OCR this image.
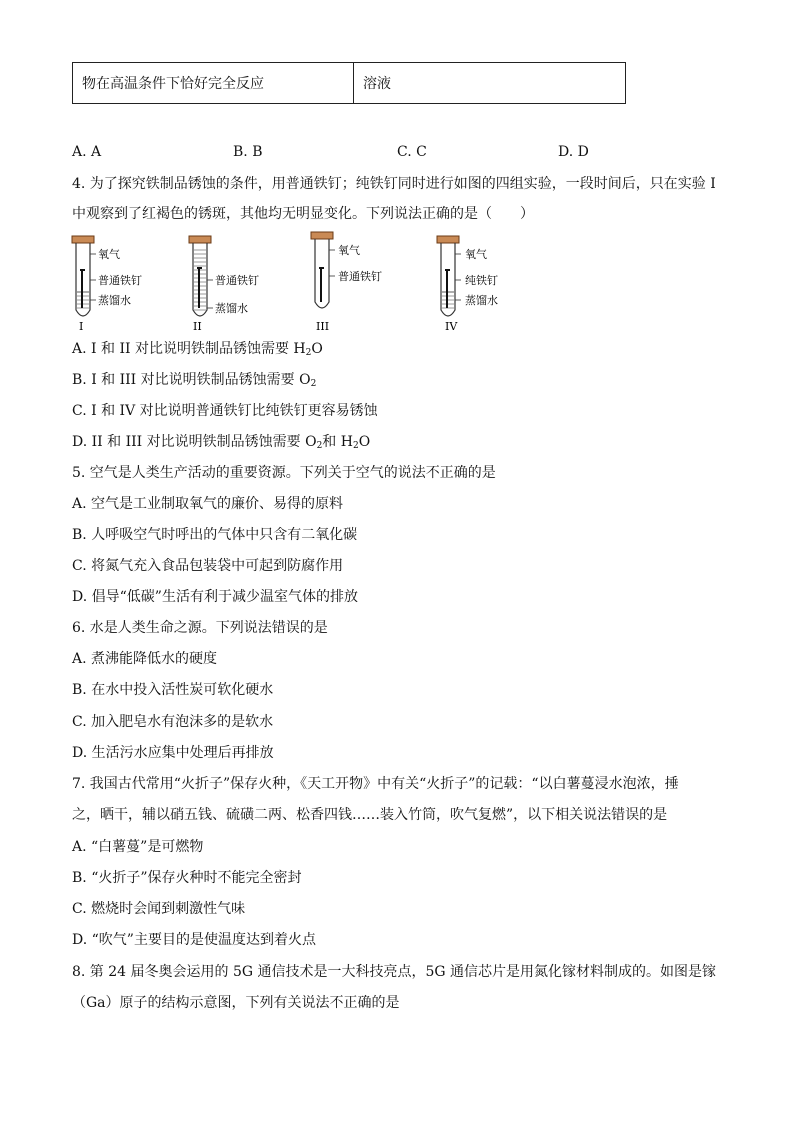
物在高温条件下恰好完全反应	溶液
A. A	B. B	C. C	D. D
4. 为了探究铁制品锈蚀的条件，用普通铁钉；纯铁钉同时进行如图的四组实验，一段时间后，只在实验 I
中观察到了红褐色的锈斑，其他均无明显变化。下列说法正确的是（　　）
氧气
普通铁钉
蒸馏水
I
普通铁钉
蒸馏水
II
氧气
普通铁钉
III
氧气
纯铁钉
蒸馏水
IV
A. I 和 II 对比说明铁制品锈蚀需要 $H_2O$
B. I 和 III 对比说明铁制品锈蚀需要 $O_2$
C. I 和 IV 对比说明普通铁钉比纯铁钉更容易锈蚀
D. II 和 III 对比说明铁制品锈蚀需要 $O_2$和 $H_2O$
5. 空气是人类生产活动的重要资源。下列关于空气的说法不正确的是
A. 空气是工业制取氧气的廉价、易得的原料
B. 人呼吸空气时呼出的气体中只含有二氧化碳
C. 将氮气充入食品包装袋中可起到防腐作用
D. 倡导“低碳”生活有利于减少温室气体的排放
6. 水是人类生命之源。下列说法错误的是
A. 煮沸能降低水的硬度
B. 在水中投入活性炭可软化硬水
C. 加入肥皂水有泡沫多的是软水
D. 生活污水应集中处理后再排放
7. 我国古代常用“火折子”保存火种，《天工开物》中有关“火折子”的记载：“以白薯蔓浸水泡浓，捶
之，晒干，辅以硝五钱、硫磺二两、松香四钱……装入竹筒，吹气复燃”，以下相关说法错误的是
A. “白薯蔓”是可燃物
B. “火折子”保存火种时不能完全密封
C. 燃烧时会闻到刺激性气味
D. “吹气”主要目的是使温度达到着火点
8. 第 24 届冬奥会运用的 5G 通信技术是一大科技亮点，5G 通信芯片是用氮化镓材料制成的。如图是镓
（Ga）原子的结构示意图，下列有关说法不正确的是
